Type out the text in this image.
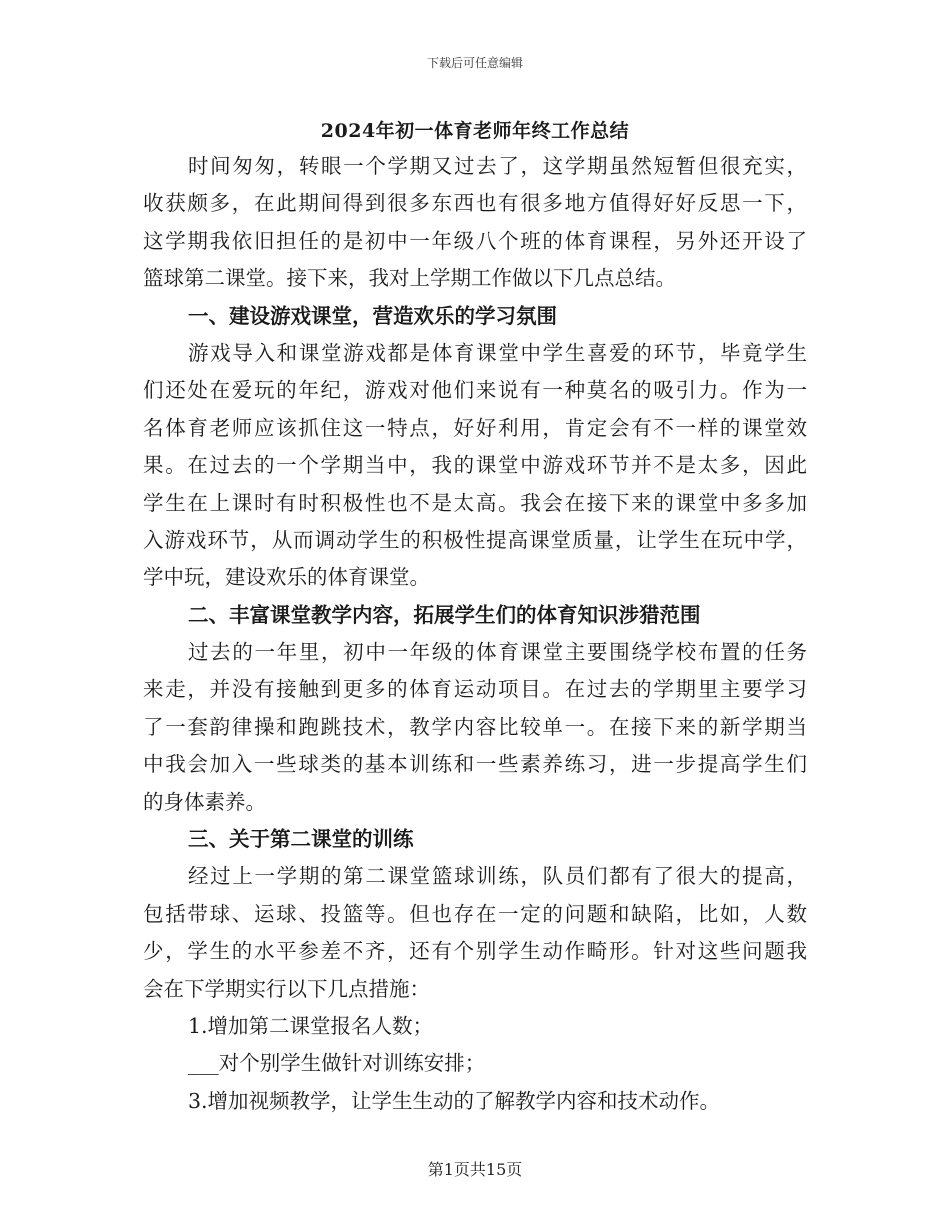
下载后可任意编辑
2024年初一体育老师年终工作总结
时间匆匆，转眼一个学期又过去了，这学期虽然短暂但很充实，
收获颇多，在此期间得到很多东西也有很多地方值得好好反思一下，
这学期我依旧担任的是初中一年级八个班的体育课程，另外还开设了
篮球第二课堂。接下来，我对上学期工作做以下几点总结。
一、建设游戏课堂，营造欢乐的学习氛围
游戏导入和课堂游戏都是体育课堂中学生喜爱的环节，毕竟学生
们还处在爱玩的年纪，游戏对他们来说有一种莫名的吸引力。作为一
名体育老师应该抓住这一特点，好好利用，肯定会有不一样的课堂效
果。在过去的一个学期当中，我的课堂中游戏环节并不是太多，因此
学生在上课时有时积极性也不是太高。我会在接下来的课堂中多多加
入游戏环节，从而调动学生的积极性提高课堂质量，让学生在玩中学，
学中玩，建设欢乐的体育课堂。
二、丰富课堂教学内容，拓展学生们的体育知识涉猎范围
过去的一年里，初中一年级的体育课堂主要围绕学校布置的任务
来走，并没有接触到更多的体育运动项目。在过去的学期里主要学习
了一套韵律操和跑跳技术，教学内容比较单一。在接下来的新学期当
中我会加入一些球类的基本训练和一些素养练习，进一步提高学生们
的身体素养。
三、关于第二课堂的训练
经过上一学期的第二课堂篮球训练，队员们都有了很大的提高，
包括带球、运球、投篮等。但也存在一定的问题和缺陷，比如，人数
少，学生的水平参差不齐，还有个别学生动作畸形。针对这些问题我
会在下学期实行以下几点措施：
1.增加第二课堂报名人数；
___对个别学生做针对训练安排；
3.增加视频教学，让学生生动的了解教学内容和技术动作。
第1页共15页
